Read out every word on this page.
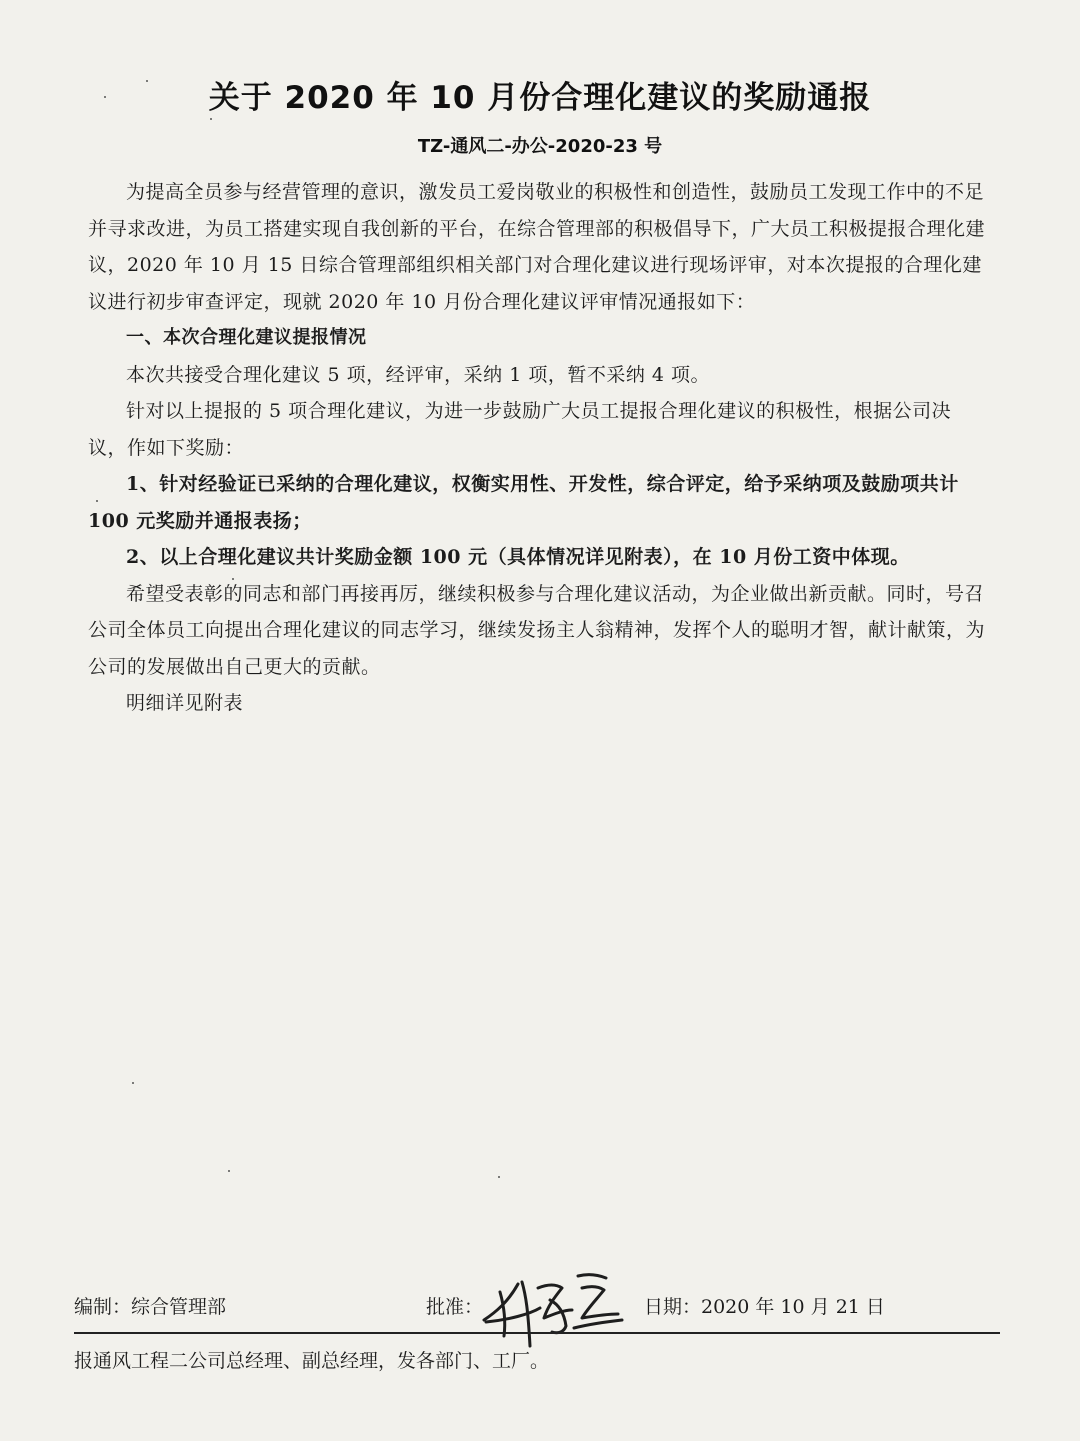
关于 2020 年 10 月份合理化建议的奖励通报
TZ-通风二-办公-2020-23 号

为提高全员参与经营管理的意识，激发员工爱岗敬业的积极性和创造性，鼓励员工发现工作中的不足并寻求改进，为员工搭建实现自我创新的平台，在综合管理部的积极倡导下，广大员工积极提报合理化建议，2020 年 10 月 15 日综合管理部组织相关部门对合理化建议进行现场评审，对本次提报的合理化建议进行初步审查评定，现就 2020 年 10 月份合理化建议评审情况通报如下：

一、本次合理化建议提报情况

本次共接受合理化建议 5 项，经评审，采纳 1 项，暂不采纳 4 项。

针对以上提报的 5 项合理化建议，为进一步鼓励广大员工提报合理化建议的积极性，根据公司决议，作如下奖励：

1、针对经验证已采纳的合理化建议，权衡实用性、开发性，综合评定，给予采纳项及鼓励项共计 100 元奖励并通报表扬；

2、以上合理化建议共计奖励金额 100 元（具体情况详见附表），在 10 月份工资中体现。

希望受表彰的同志和部门再接再厉，继续积极参与合理化建议活动，为企业做出新贡献。同时，号召公司全体员工向提出合理化建议的同志学习，继续发扬主人翁精神，发挥个人的聪明才智，献计献策，为公司的发展做出自己更大的贡献。

明细详见附表

编制：综合管理部	批准：	日期：2020 年 10 月 21 日
报通风工程二公司总经理、副总经理，发各部门、工厂。
